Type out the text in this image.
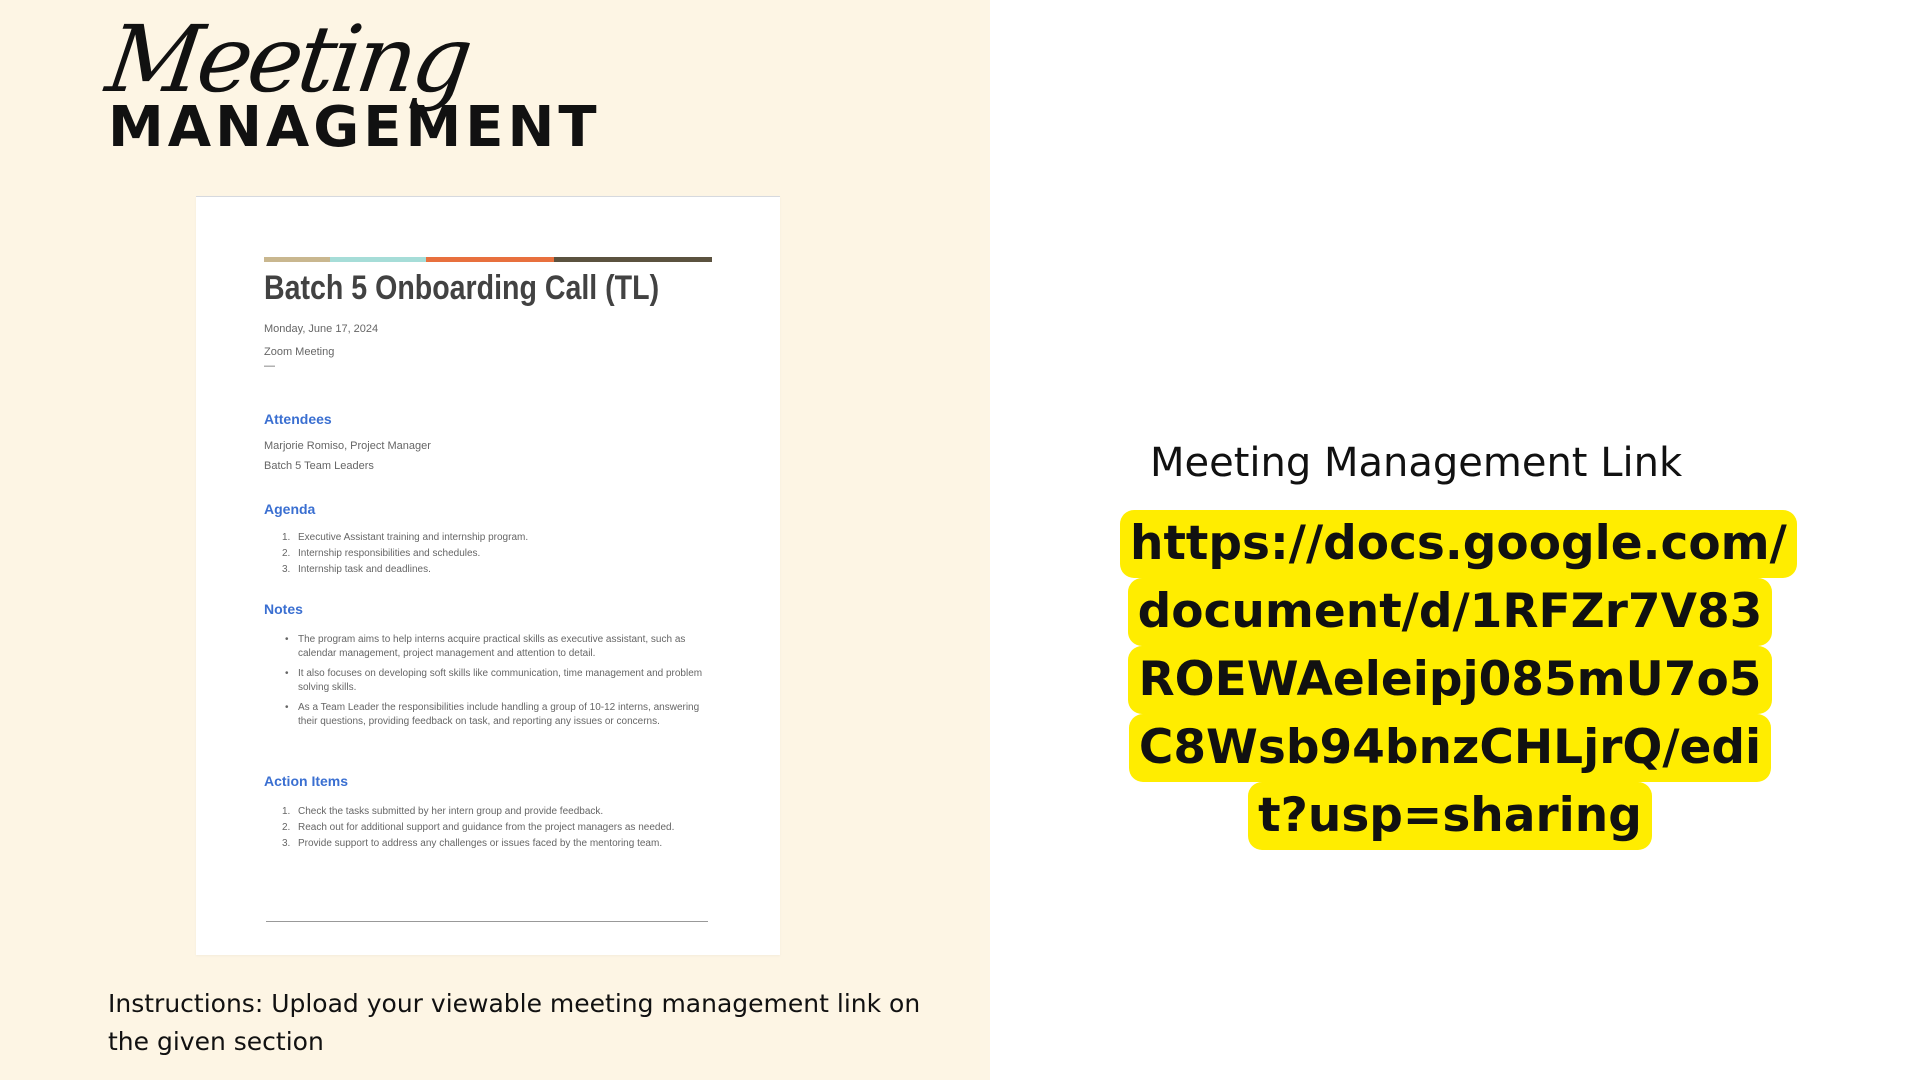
Meeting
MANAGEMENT
Batch 5 Onboarding Call (TL)
Monday, June 17, 2024
Zoom Meeting
—
Attendees
Marjorie Romiso, Project Manager
Batch 5 Team Leaders
Agenda
1. Executive Assistant training and internship program.
2. Internship responsibilities and schedules.
3. Internship task and deadlines.
Notes
• The program aims to help interns acquire practical skills as executive assistant, such as calendar management, project management and attention to detail.
• It also focuses on developing soft skills like communication, time management and problem solving skills.
• As a Team Leader the responsibilities include handling a group of 10-12 interns, answering their questions, providing feedback on task, and reporting any issues or concerns.
Action Items
1. Check the tasks submitted by her intern group and provide feedback.
2. Reach out for additional support and guidance from the project managers as needed.
3. Provide support to address any challenges or issues faced by the mentoring team.
Instructions: Upload your viewable meeting management link on the given section
Meeting Management Link
https://docs.google.com/
document/d/1RFZr7V83
ROEWAeleipj085mU7o5
C8Wsb94bnzCHLjrQ/edi
t?usp=sharing
